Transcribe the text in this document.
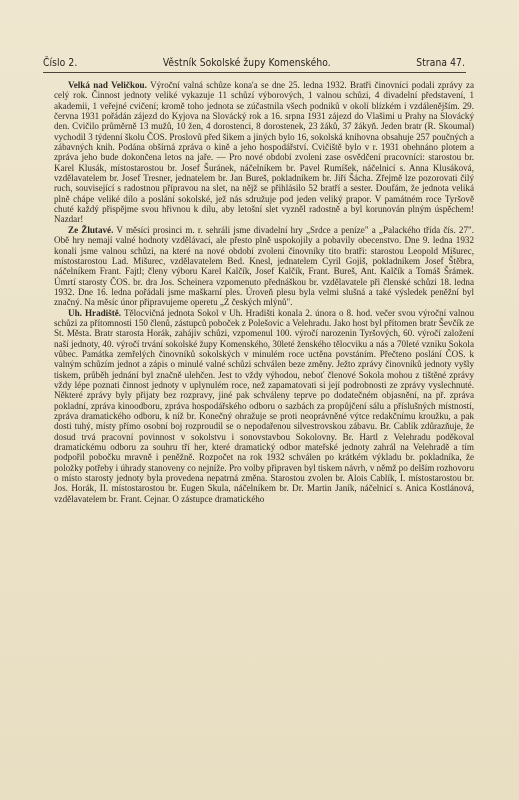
Číslo 2.	Věstník Sokolské župy Komenského.	Strana 47.

Velká nad Veličkou. Výroční valná schůze kona'a se dne 25. ledna 1932. Bratři činovníci podali zprávy za celý rok. Činnost jednoty veliké vykazuje 11 schůzí výborových, 1 valnou schůzi, 4 divadelní představení, 1 akademii, 1 veřejné cvičení; kromě toho jednota se zúčastnila všech podniků v okolí blízkém i vzdálenějším. 29. června 1931 pořádán zájezd do Kyjova na Slovácký rok a 16. srpna 1931 zájezd do Vlašimi u Prahy na Slovácký den. Cvičilo průměrně 13 mužů, 10 žen, 4 dorostenci, 8 dorostenek, 23 žáků, 37 žákyň. Jeden bratr (R. Skoumal) vychodil 3 týdenní školu ČOS. Proslovů před šikem a jiných bylo 16, sokolská knihovna obsahuje 257 poučných a zábavných knih. Podána obšírná zpráva o kině a jeho hospodářství. Cvičiště bylo v r. 1931 obehnáno plotem a zpráva jeho bude dokončena letos na jaře. — Pro nové období zvoleni zase osvědčení pracovníci: starostou br. Karel Klusák, místostarostou br. Josef Šuránek, náčelníkem br. Pavel Rumíšek, náčelnicí s. Anna Klusáková, vzdělavatelem br. Josef Tresner, jednatelem br. Jan Bureš, pokladníkem br. Jiří Šácha. Zřejmě lze pozorovati čilý ruch, související s radostnou přípravou na slet, na nějž se přihlásilo 52 bratří a sester. Doufám, že jednota veliká plně chápe veliké dílo a poslání sokolské, jež nás sdružuje pod jeden veliký prapor. V památném roce Tyršově chuté každý přispějme svou hřivnou k dílu, aby letošní slet vyzněl radostně a byl korunován plným úspěchem! Nazdar!

Ze Žlutavé. V měsíci prosinci m. r. sehráli jsme divadelní hry „Srdce a peníze" a „Palackého třída čís. 27". Obě hry nemají valné hodnoty vzdělávací, ale přesto plně uspokojily a pobavily obecenstvo. Dne 9. ledna 1932 konali jsme valnou schůzi, na které na nové období zvoleni činovníky tito bratři: starostou Leopold Mišurec, místostarostou Lad. Mišurec, vzdělavatelem Bed. Knesl, jednatelem Cyril Gojiš, pokladníkem Josef Štěbra, náčelníkem Frant. Fajtl; členy výboru Karel Kalčík, Josef Kalčík, Frant. Bureš, Ant. Kalčík a Tomáš Šrámek. Úmrtí starosty ČOS. br. dra Jos. Scheinera vzpomenuto přednáškou br. vzdělavatele při členské schůzi 18. ledna 1932. Dne 16. ledna pořádali jsme maškarní ples. Úroveň plesu byla velmi slušná a také výsledek peněžní byl značný. Na měsíc únor připravujeme operetu „Z českých mlýnů".

Uh. Hradiště. Tělocvičná jednota Sokol v Uh. Hradišti konala 2. února o 8. hod. večer svou výroční valnou schůzi za přítomnosti 150 členů, zástupců poboček z Polešovic a Velehradu. Jako host byl přítomen bratr Ševčík ze St. Města. Bratr starosta Horák, zahájiv schůzi, vzpomenul 100. výročí narozenin Tyršových, 60. výročí založení naší jednoty, 40. výročí trvání sokolské župy Komenského, 30leté ženského tělocviku a nás a 70leté vzniku Sokola vůbec. Památka zemřelých činovníků sokolských v minulém roce uctěna povstáním. Přečteno poslání ČOS. k valným schůzím jednot a zápis o minulé valné schůzi schválen beze změny. Ježto zprávy činovníků jednoty vyšly tiskem, průběh jednání byl značně ulehčen. Jest to vždy výhodou, neboť členové Sokola mohou z tištěné zprávy vždy lépe poznati činnost jednoty v uplynulém roce, než zapamatovati si její podrobnosti ze zprávy vyslechnuté. Některé zprávy byly přijaty bez rozpravy, jiné pak schváleny teprve po dodatečném objasnění, na př. zpráva pokladní, zpráva kinoodboru, zpráva hospodářského odboru o sazbách za propůjčení sálu a příslušných místností, zpráva dramatického odboru, k níž br. Konečný ohražuje se proti neoprávněné výtce redakčnímu kroužku, a pak dosti tuhý, místy přímo osobní boj rozproudil se o nepodařenou silvestrovskou zábavu. Br. Cablík zdůrazňuje, že dosud trvá pracovní povinnost v sokolstvu i sonovstavbou Sokolovny. Br. Hartl z Velehradu poděkoval dramatickému odboru za souhru tří her, které dramatický odbor mateřské jednoty zahrál na Velehradě a tím podpořil pobočku mravně i peněžně. Rozpočet na rok 1932 schválen po krátkém výkladu br. pokladníka, že položky potřeby i úhrady stanoveny co nejníže. Pro volby připraven byl tiskem návrh, v němž po delším rozhovoru o místo starosty jednoty byla provedena nepatrná změna. Starostou zvolen br. Alois Cablík, I. místostarostou br. Jos. Horák, II. místostarostou br. Eugen Skula, náčelníkem br. Dr. Martin Janík, náčelnicí s. Anica Kostlánová, vzdělavatelem br. Frant. Cejnar. O zástupce dramatického
